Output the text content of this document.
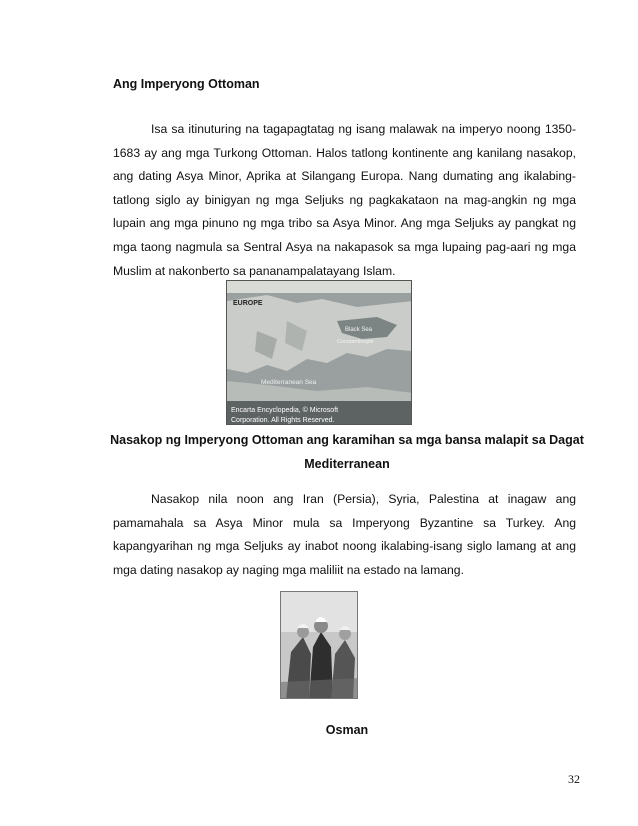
Ang Imperyong Ottoman

Isa sa itinuturing na tagapagtatag ng isang malawak na imperyo noong 1350-1683 ay ang mga Turkong Ottoman. Halos tatlong kontinente ang kanilang nasakop, ang dating Asya Minor, Aprika at Silangang Europa. Nang dumating ang ikalabing-tatlong siglo ay binigyan ng mga Seljuks ng pagkakataon na mag-angkin ng mga lupain ang mga pinuno ng mga tribo sa Asya Minor. Ang mga Seljuks ay pangkat ng mga taong nagmula sa Sentral Asya na nakapasok sa mga lupaing pag-aari ng mga Muslim at nakonberto sa pananampalatayang Islam.

EUROPE
Black Sea
Constantinople
Mediterranean Sea
Encarta Encyclopedia, © Microsoft
Corporation. All Rights Reserved.
Nasakop ng Imperyong Ottoman ang karamihan sa mga bansa malapit sa Dagat Mediterranean

Nasakop nila noon ang Iran (Persia), Syria, Palestina at inagaw ang pamamahala sa Asya Minor mula sa Imperyong Byzantine sa Turkey. Ang kapangyarihan ng mga Seljuks ay inabot noong ikalabing-isang siglo lamang at ang mga dating nasakop ay naging mga maliliit na estado na lamang.

Osman
32
